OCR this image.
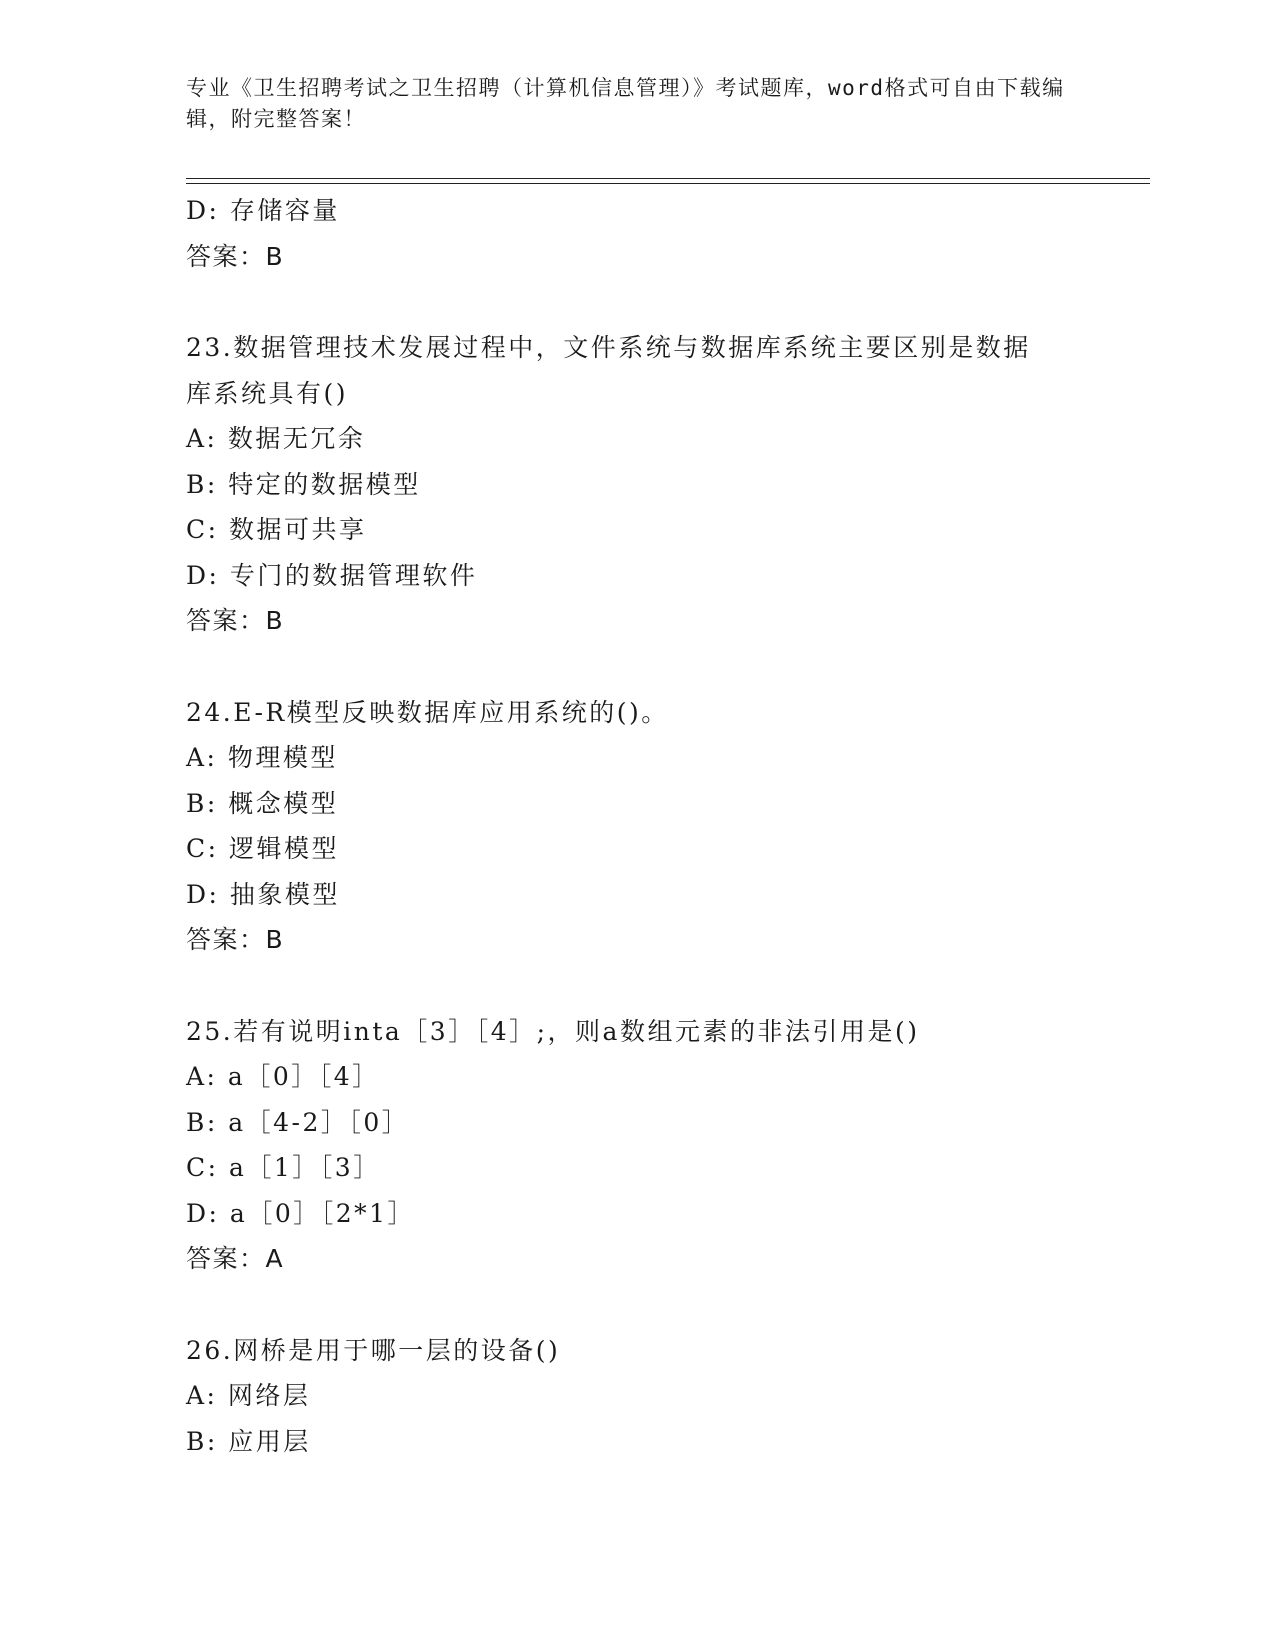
专业《卫生招聘考试之卫生招聘（计算机信息管理）》考试题库，word格式可自由下载编辑，附完整答案！
D: 存储容量
答案：B
23.数据管理技术发展过程中，文件系统与数据库系统主要区别是数据
库系统具有()
A: 数据无冗余
B: 特定的数据模型
C: 数据可共享
D: 专门的数据管理软件
答案：B
24.E-R模型反映数据库应用系统的()。
A: 物理模型
B: 概念模型
C: 逻辑模型
D: 抽象模型
答案：B
25.若有说明inta［3］［4］;，则a数组元素的非法引用是()
A: a［0］［4］
B: a［4-2］［0］
C: a［1］［3］
D: a［0］［2*1］
答案：A
26.网桥是用于哪一层的设备()
A: 网络层
B: 应用层
